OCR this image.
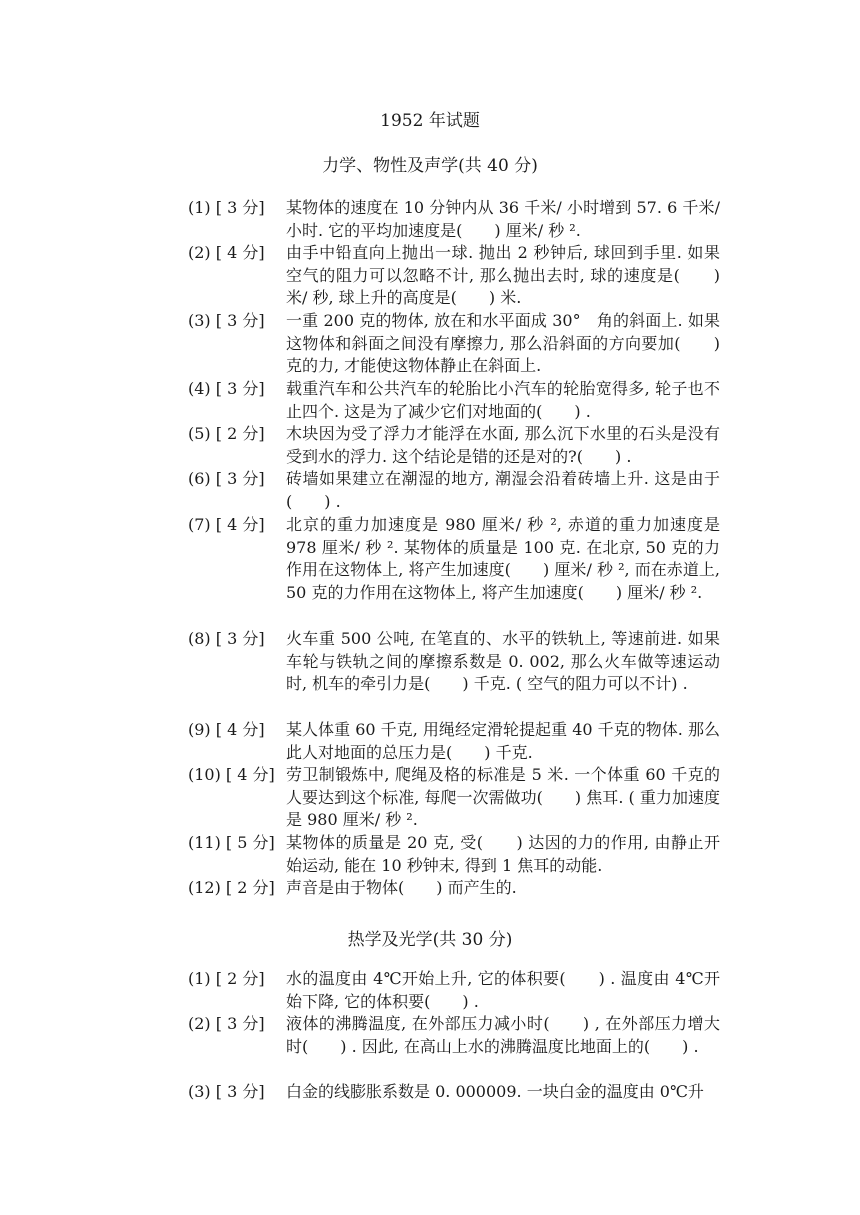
1952 年试题
力学、物性及声学(共 40 分)
(1) [ 3 分]	某物体的速度在 10 分钟内从 36 千米/ 小时增到 57. 6 千米/ 小时. 它的平均加速度是(　　) 厘米/ 秒 ².
(2) [ 4 分]	由手中铅直向上抛出一球. 抛出 2 秒钟后, 球回到手里. 如果空气的阻力可以忽略不计, 那么抛出去时, 球的速度是(　　) 米/ 秒, 球上升的高度是(　　) 米.
(3) [ 3 分]	一重 200 克的物体, 放在和水平面成 30°　角的斜面上. 如果这物体和斜面之间没有摩擦力, 那么沿斜面的方向要加(　　) 克的力, 才能使这物体静止在斜面上.
(4) [ 3 分]	载重汽车和公共汽车的轮胎比小汽车的轮胎宽得多, 轮子也不止四个. 这是为了减少它们对地面的(　　) .
(5) [ 2 分]	木块因为受了浮力才能浮在水面, 那么沉下水里的石头是没有受到水的浮力. 这个结论是错的还是对的?(　　) .
(6) [ 3 分]	砖墙如果建立在潮湿的地方, 潮湿会沿着砖墙上升. 这是由于(　　) .
(7) [ 4 分]	北京的重力加速度是 980 厘米/ 秒 ², 赤道的重力加速度是 978 厘米/ 秒 ². 某物体的质量是 100 克. 在北京, 50 克的力作用在这物体上, 将产生加速度(　　) 厘米/ 秒 ², 而在赤道上, 50 克的力作用在这物体上, 将产生加速度(　　) 厘米/ 秒 ².
(8) [ 3 分]	火车重 500 公吨, 在笔直的、水平的铁轨上, 等速前进. 如果车轮与铁轨之间的摩擦系数是 0. 002, 那么火车做等速运动时, 机车的牵引力是(　　) 千克. ( 空气的阻力可以不计) .
(9) [ 4 分]	某人体重 60 千克, 用绳经定滑轮提起重 40 千克的物体. 那么此人对地面的总压力是(　　) 千克.
(10) [ 4 分] 劳卫制锻炼中, 爬绳及格的标准是 5 米. 一个体重 60 千克的人要达到这个标准, 每爬一次需做功(　　) 焦耳. ( 重力加速度是 980 厘米/ 秒 ².
(11) [ 5 分] 某物体的质量是 20 克, 受(　　) 达因的力的作用, 由静止开始运动, 能在 10 秒钟末, 得到 1 焦耳的动能.
(12) [ 2 分] 声音是由于物体(　　) 而产生的.
热学及光学(共 30 分)
(1) [ 2 分]	水的温度由 4℃开始上升, 它的体积要(　　) . 温度由 4℃开始下降, 它的体积要(　　) .
(2) [ 3 分]	液体的沸腾温度, 在外部压力减小时(　　) , 在外部压力增大时(　　) . 因此, 在高山上水的沸腾温度比地面上的(　　) .
(3) [ 3 分]	白金的线膨胀系数是 0. 000009. 一块白金的温度由 0℃升
